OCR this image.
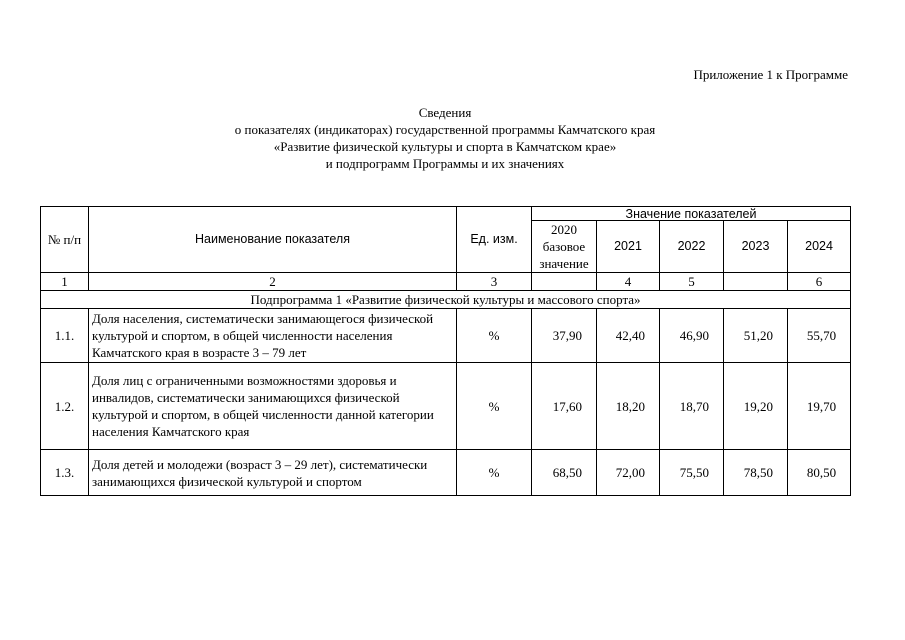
Приложение 1 к Программе
Сведения
о показателях (индикаторах) государственной программы Камчатского края
«Развитие физической культуры и спорта в Камчатском крае»
и подпрограмм Программы и их значениях
№ п/п	Наименование показателя	Ед. изм.	Значение показателей				

			2020
базовое
значение	2021	2022	2023	2024
1	2	3		4	5		6
Подпрограмма 1 «Развитие физической культуры и массового спорта»							
1.1.	Доля населения, систематически занимающегося физической культурой и спортом, в общей численности населения Камчатского края в возрасте 3 – 79 лет	%	37,90	42,40	46,90	51,20	55,70
1.2.	Доля лиц с ограниченными возможностями здоровья и инвалидов, систематически занимающихся физической культурой и спортом, в общей численности данной категории населения Камчатского края	%	17,60	18,20	18,70	19,20	19,70
1.3.	Доля детей и молодежи (возраст 3 – 29 лет), систематически занимающихся физической культурой и спортом	%	68,50	72,00	75,50	78,50	80,50
